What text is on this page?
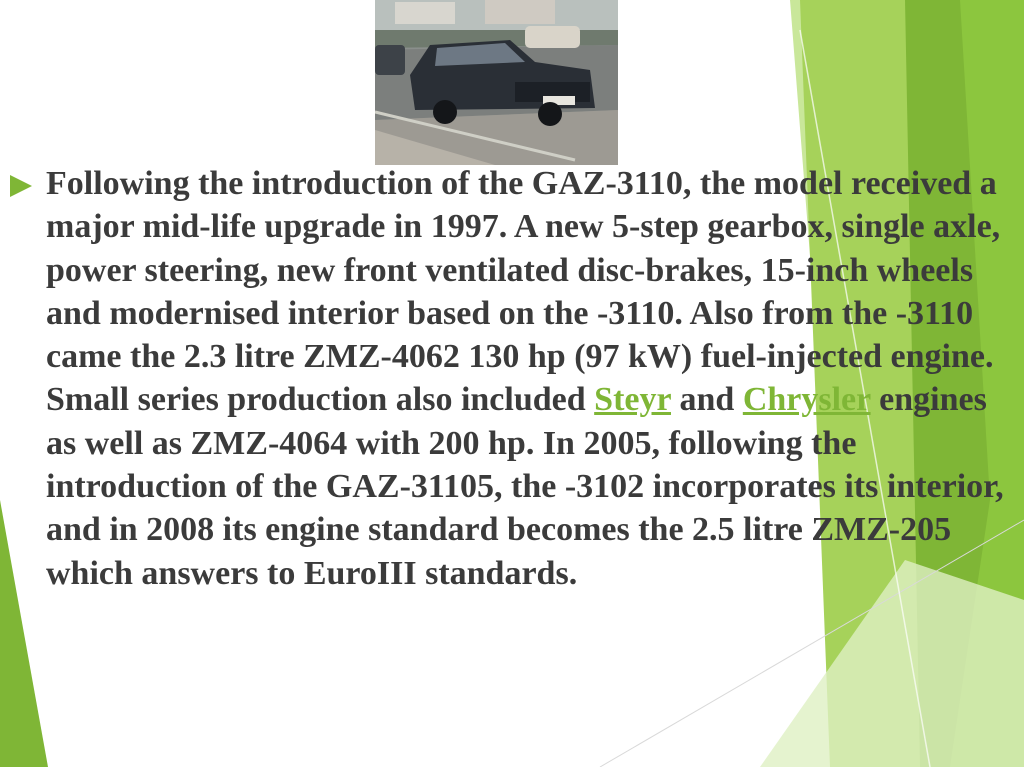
Following the introduction of the GAZ-3110, the model received a major mid-life upgrade in 1997. A new 5-step gearbox, single axle, power steering, new front ventilated disc-brakes, 15-inch wheels and modernised interior based on the -3110. Also from the -3110 came the 2.3 litre ZMZ-4062 130 hp (97 kW) fuel-injected engine. Small series production also included Steyr and Chrysler engines as well as ZMZ-4064 with 200 hp. In 2005, following the introduction of the GAZ-31105, the -3102 incorporates its interior, and in 2008 its engine standard becomes the 2.5 litre ZMZ-205 which answers to EuroIII standards.
